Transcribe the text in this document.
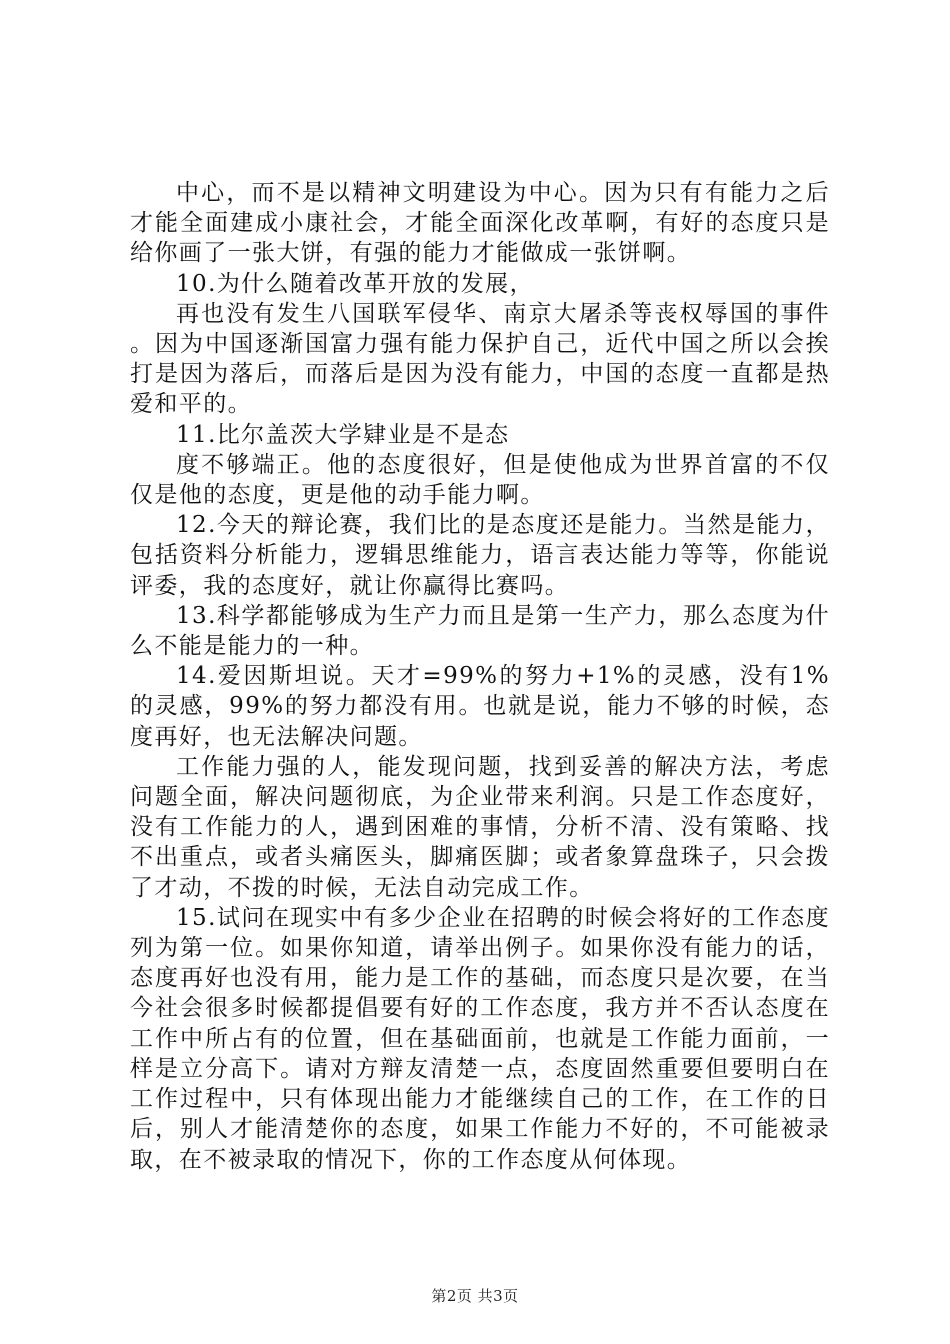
中心，而不是以精神文明建设为中心。因为只有有能力之后才能全面建成小康社会，才能全面深化改革啊，有好的态度只是给你画了一张大饼，有强的能力才能做成一张饼啊。

10.为什么随着改革开放的发展，

再也没有发生八国联军侵华、南京大屠杀等丧权辱国的事件。因为中国逐渐国富力强有能力保护自己，近代中国之所以会挨打是因为落后，而落后是因为没有能力，中国的态度一直都是热爱和平的。

11.比尔盖茨大学肄业是不是态

度不够端正。他的态度很好，但是使他成为世界首富的不仅仅是他的态度，更是他的动手能力啊。

12.今天的辩论赛，我们比的是态度还是能力。当然是能力，包括资料分析能力，逻辑思维能力，语言表达能力等等，你能说评委，我的态度好，就让你赢得比赛吗。

13.科学都能够成为生产力而且是第一生产力，那么态度为什么不能是能力的一种。

14.爱因斯坦说。天才=99%的努力+1%的灵感，没有1%的灵感，99%的努力都没有用。也就是说，能力不够的时候，态度再好，也无法解决问题。

工作能力强的人，能发现问题，找到妥善的解决方法，考虑问题全面，解决问题彻底，为企业带来利润。只是工作态度好，没有工作能力的人，遇到困难的事情，分析不清、没有策略、找不出重点，或者头痛医头，脚痛医脚；或者象算盘珠子，只会拨了才动，不拨的时候，无法自动完成工作。

15.试问在现实中有多少企业在招聘的时候会将好的工作态度列为第一位。如果你知道，请举出例子。如果你没有能力的话，态度再好也没有用，能力是工作的基础，而态度只是次要，在当今社会很多时候都提倡要有好的工作态度，我方并不否认态度在工作中所占有的位置，但在基础面前，也就是工作能力面前，一样是立分高下。请对方辩友清楚一点，态度固然重要但要明白在工作过程中，只有体现出能力才能继续自己的工作，在工作的日后，别人才能清楚你的态度，如果工作能力不好的，不可能被录取，在不被录取的情况下，你的工作态度从何体现。

第2页 共3页
